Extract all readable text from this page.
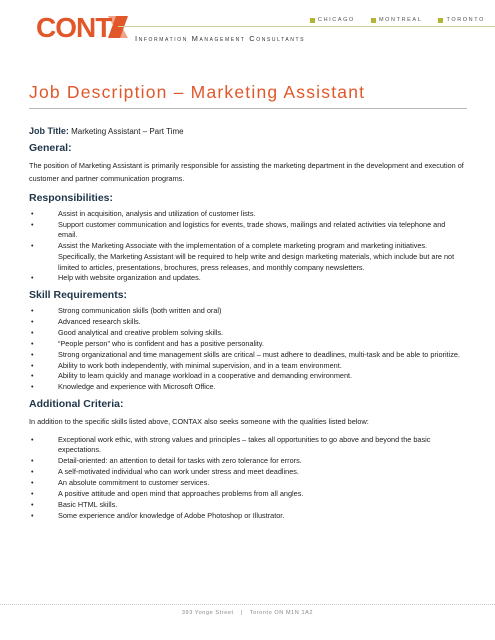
CONT	CHICAGO	MONTREAL	TORONTO
Information Management Consultants
Job Description – Marketing Assistant

Job Title: Marketing Assistant – Part Time

General:

The position of Marketing Assistant is primarily responsible for assisting the marketing department in the development and execution of customer and partner communication programs.

Responsibilities:
•	Assist in acquisition, analysis and utilization of customer lists.
•	Support customer communication and logistics for events, trade shows, mailings and related activities via telephone and email.
•	Assist the Marketing Associate with the implementation of a complete marketing program and marketing initiatives. Specifically, the Marketing Assistant will be required to help write and design marketing materials, which include but are not limited to articles, presentations, brochures, press releases, and monthly company newsletters.
•	Help with website organization and updates.
Skill Requirements:
•	Strong communication skills (both written and oral)
•	Advanced research skills.
•	Good analytical and creative problem solving skills.
•	“People person” who is confident and has a positive personality.
•	Strong organizational and time management skills are critical – must adhere to deadlines, multi-task and be able to prioritize.
•	Ability to work both independently, with minimal supervision, and in a team environment.
•	Ability to learn quickly and manage workload in a cooperative and demanding environment.
•	Knowledge and experience with Microsoft Office.
Additional Criteria:

In addition to the specific skills listed above, CONTAX also seeks someone with the qualities listed below:

•	Exceptional work ethic, with strong values and principles – takes all opportunities to go above and beyond the basic expectations.
•	Detail-oriented: an attention to detail for tasks with zero tolerance for errors.
•	A self-motivated individual who can work under stress and meet deadlines.
•	An absolute commitment to customer services.
•	A positive attitude and open mind that approaches problems from all angles.
•	Basic HTML skills.
•	Some experience and/or knowledge of Adobe Photoshop or Illustrator.
393 Yonge Street | Toronto ON M1N 1A2
